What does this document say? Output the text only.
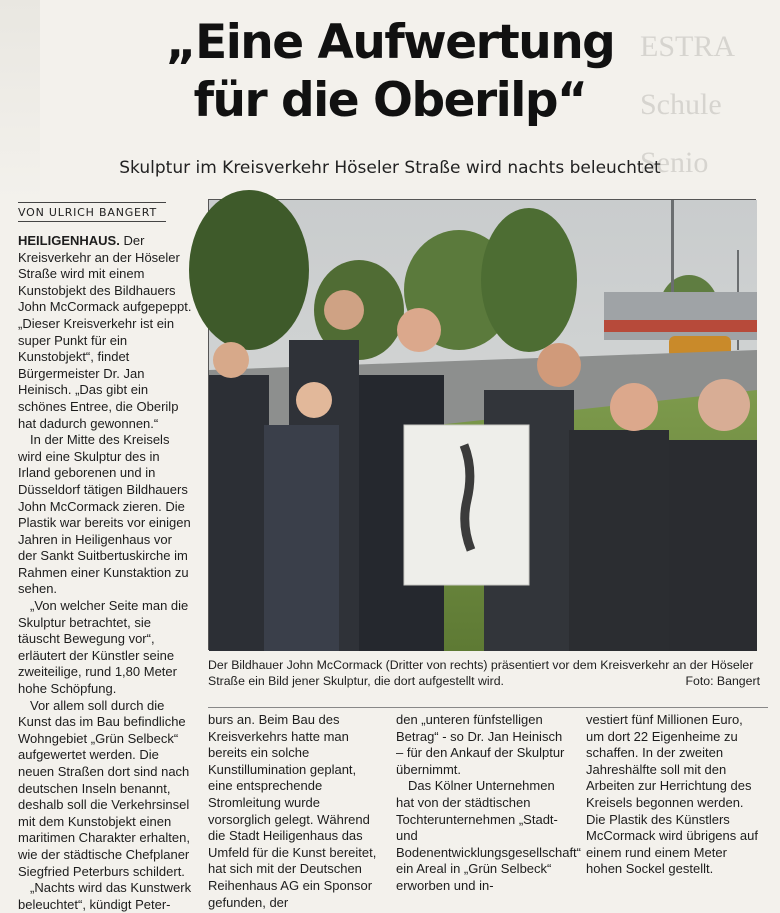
ESTRA
Schule
Senio
„Eine Aufwertung
für die Oberilp“
Skulptur im Kreisverkehr Höseler Straße wird nachts beleuchtet
VON ULRICH BANGERT

HEILIGENHAUS. Der Kreisverkehr an der Höseler Straße wird mit einem Kunstobjekt des Bildhauers John McCormack aufgepeppt. „Dieser Kreisverkehr ist ein super Punkt für ein Kunstobjekt“, findet Bürgermeister Dr. Jan Heinisch. „Das gibt ein schönes Entree, die Oberilp hat dadurch gewonnen.“

In der Mitte des Kreisels wird eine Skulptur des in Irland geborenen und in Düsseldorf tätigen Bildhauers John McCormack zieren. Die Plastik war bereits vor einigen Jahren in Heiligenhaus vor der Sankt Suitbertuskirche im Rahmen einer Kunstaktion zu sehen.

„Von welcher Seite man die Skulptur betrachtet, sie täuscht Bewegung vor“, erläutert der Künstler seine zweiteilige, rund 1,80 Meter hohe Schöpfung.

Vor allem soll durch die Kunst das im Bau befindliche Wohngebiet „Grün Selbeck“ aufgewertet werden. Die neuen Straßen dort sind nach deutschen Inseln benannt, deshalb soll die Verkehrsinsel mit dem Kunstobjekt einen maritimen Charakter erhalten, wie der städtische Chefplaner Siegfried Peterburs schildert.

„Nachts wird das Kunstwerk beleuchtet“, kündigt Peter-

Der Bildhauer John McCormack (Dritter von rechts) präsentiert vor dem Kreisverkehr an der Höseler Straße ein Bild jener Skulptur, die dort aufgestellt wird.	Foto: Bangert

burs an. Beim Bau des Kreisverkehrs hatte man bereits ein solche Kunstillumination geplant, eine entsprechende Stromleitung wurde vorsorglich gelegt. Während die Stadt Heiligenhaus das Umfeld für die Kunst bereitet, hat sich mit der Deutschen Reihenhaus AG ein Sponsor gefunden, der

den „unteren fünfstelligen Betrag“ - so Dr. Jan Heinisch – für den Ankauf der Skulptur übernimmt.

Das Kölner Unternehmen hat von der städtischen Tochterunternehmen „Stadt- und Bodenentwicklungsgesellschaft“ ein Areal in „Grün Selbeck“ erworben und in-

vestiert fünf Millionen Euro, um dort 22 Eigenheime zu schaffen. In der zweiten Jahreshälfte soll mit den Arbeiten zur Herrichtung des Kreisels begonnen werden. Die Plastik des Künstlers McCormack wird übrigens auf einem rund einem Meter hohen Sockel gestellt.
